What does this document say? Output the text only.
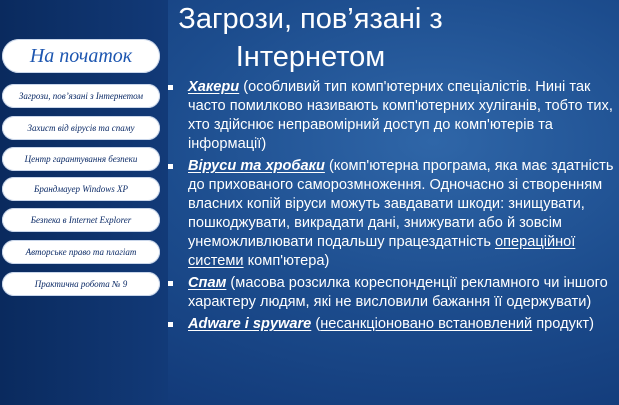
На початок
Загрози, пов’язані з Інтернетом
Захист від вірусів та спаму
Центр гарантування безпеки
Брандмауер Windows XP
Безпека в Internet Explorer
Авторське право та плагіат
Практична робота № 9
Загрози, пов’язані з
Інтернетом
Хакери (особливий тип комп'ютерних спеціалістів. Нині так часто помилково називають комп'ютерних хуліганів, тобто тих, хто здійснює неправомірний доступ до комп'ютерів та інформації)
Віруси та хробаки (комп'ютерна програма, яка має здатність до прихованого саморозмноження. Одночасно зі створенням власних копій віруси можуть завдавати шкоди: знищувати, пошкоджувати, викрадати дані, знижувати або й зовсім унеможливлювати подальшу працездатність операційної системи комп'ютера)
Спам (масова розсилка кореспонденції рекламного чи іншого характеру людям, які не висловили бажання її одержувати)
Adware і spyware (несанкціоновано встановлений продукт)
